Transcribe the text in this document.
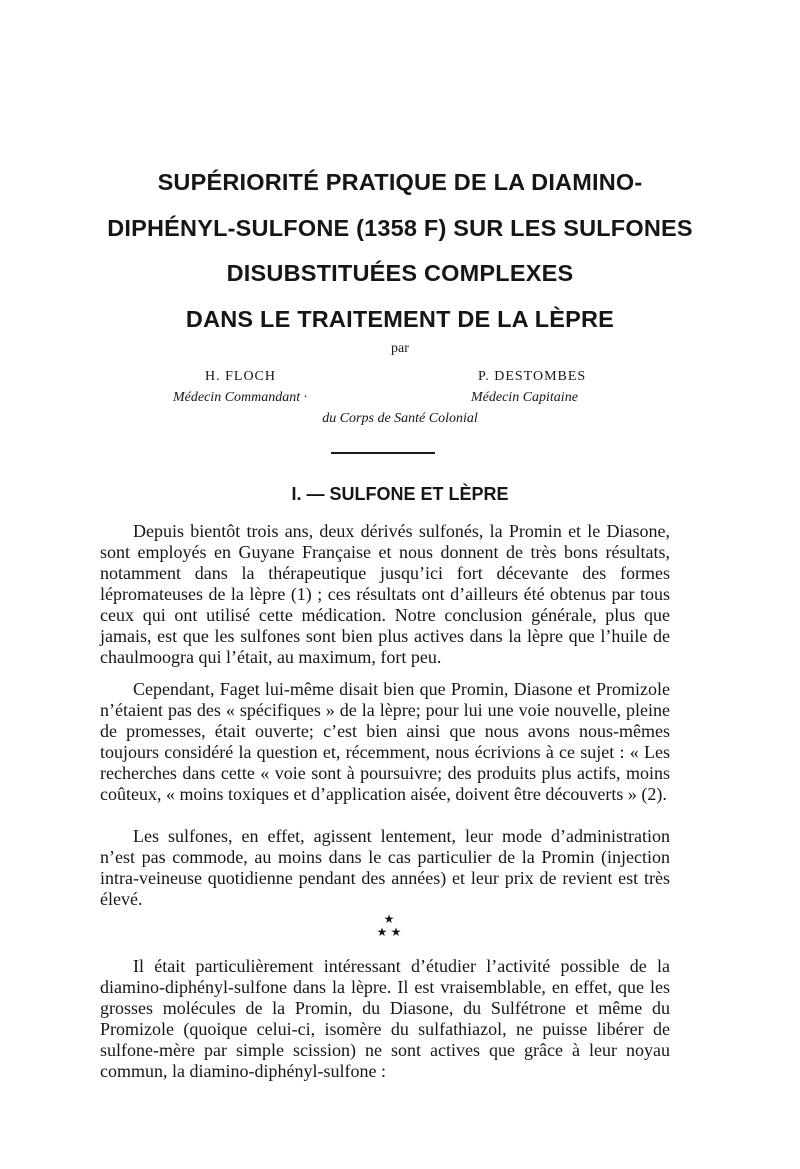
SUPÉRIORITÉ PRATIQUE DE LA DIAMINO-
DIPHÉNYL-SULFONE (1358 F) SUR LES SULFONES
DISUBSTITUÉES COMPLEXES
DANS LE TRAITEMENT DE LA LÈPRE
par
H. FLOCH
Médecin Commandant ·
P. DESTOMBES
Médecin Capitaine
du Corps de Santé Colonial
I. — SULFONE ET LÈPRE

Depuis bientôt trois ans, deux dérivés sulfonés, la Promin et le Diasone, sont employés en Guyane Française et nous donnent de très bons résultats, notamment dans la thérapeutique jusqu’ici fort décevante des formes lépromateuses de la lèpre (1) ; ces résultats ont d’ailleurs été obtenus par tous ceux qui ont utilisé cette médication. Notre conclusion générale, plus que jamais, est que les sulfones sont bien plus actives dans la lèpre que l’huile de chaulmoogra qui l’était, au maximum, fort peu.

Cependant, Faget lui-même disait bien que Promin, Diasone et Promizole n’étaient pas des « spécifiques » de la lèpre; pour lui une voie nouvelle, pleine de promesses, était ouverte; c’est bien ainsi que nous avons nous-mêmes toujours considéré la question et, récemment, nous écrivions à ce sujet : « Les recherches dans cette « voie sont à poursuivre; des produits plus actifs, moins coûteux, « moins toxiques et d’application aisée, doivent être découverts » (2).

Les sulfones, en effet, agissent lentement, leur mode d’administration n’est pas commode, au moins dans le cas particulier de la Promin (injection intra-veineuse quotidienne pendant des années) et leur prix de revient est très élevé.

★
★ ★

Il était particulièrement intéressant d’étudier l’activité possible de la diamino-diphényl-sulfone dans la lèpre. Il est vraisemblable, en effet, que les grosses molécules de la Promin, du Diasone, du Sulfétrone et même du Promizole (quoique celui-ci, isomère du sulfathiazol, ne puisse libérer de sulfone-mère par simple scission) ne sont actives que grâce à leur noyau commun, la diamino-diphényl-sulfone :
